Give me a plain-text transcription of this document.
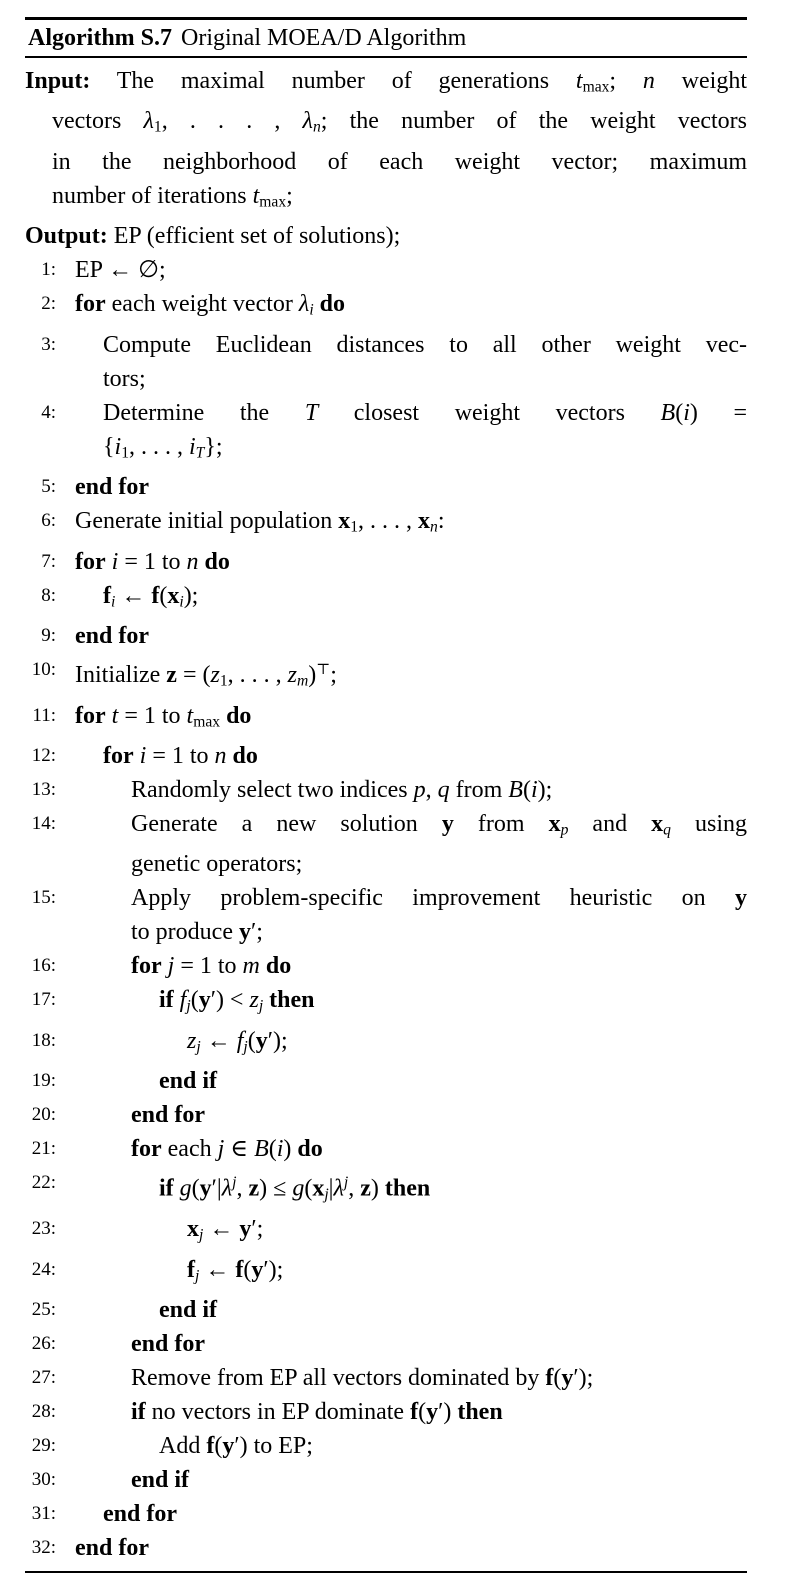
Algorithm S.7 Original MOEA/D Algorithm
Input: The maximal number of generations tmax; n weight
vectors λ1, . . . , λn; the number of the weight vectors
in the neighborhood of each weight vector; maximum
number of iterations tmax;
Output: EP (efficient set of solutions);
1: EP ← ∅;
2: for each weight vector λi do
3: Compute Euclidean distances to all other weight vec-
tors;
4: Determine the T closest weight vectors B(i) =
{i1, . . . , iT};
5: end for
6: Generate initial population x1, . . . , xn:
7: for i = 1 to n do
8: fi ← f(xi);
9: end for
10: Initialize z = (z1, . . . , zm)⊤;
11: for t = 1 to tmax do
12: for i = 1 to n do
13:	Randomly select two indices p, q from B(i);
14:	Generate a new solution y from xp and xq using
genetic operators;
15:	Apply problem-specific improvement heuristic on y
to produce y′;
16:	for j = 1 to m do
17:	if fj(y′) < zj then
18:	zj ← fj(y′);
19:	end if
20:	end for
21:	for each j ∈ B(i) do
22:	if $g(y'|\lambda^j$, $z) \le g(xj|\lambda^j$, z) then
23:	xj ← y′;
24:	fj ← f(y′);
25:	end if
26:	end for
27:	Remove from EP all vectors dominated by f(y′);
28:	if no vectors in EP dominate f(y′) then
29:	Add f(y′) to EP;
30:	end if
31: end for
32: end for
